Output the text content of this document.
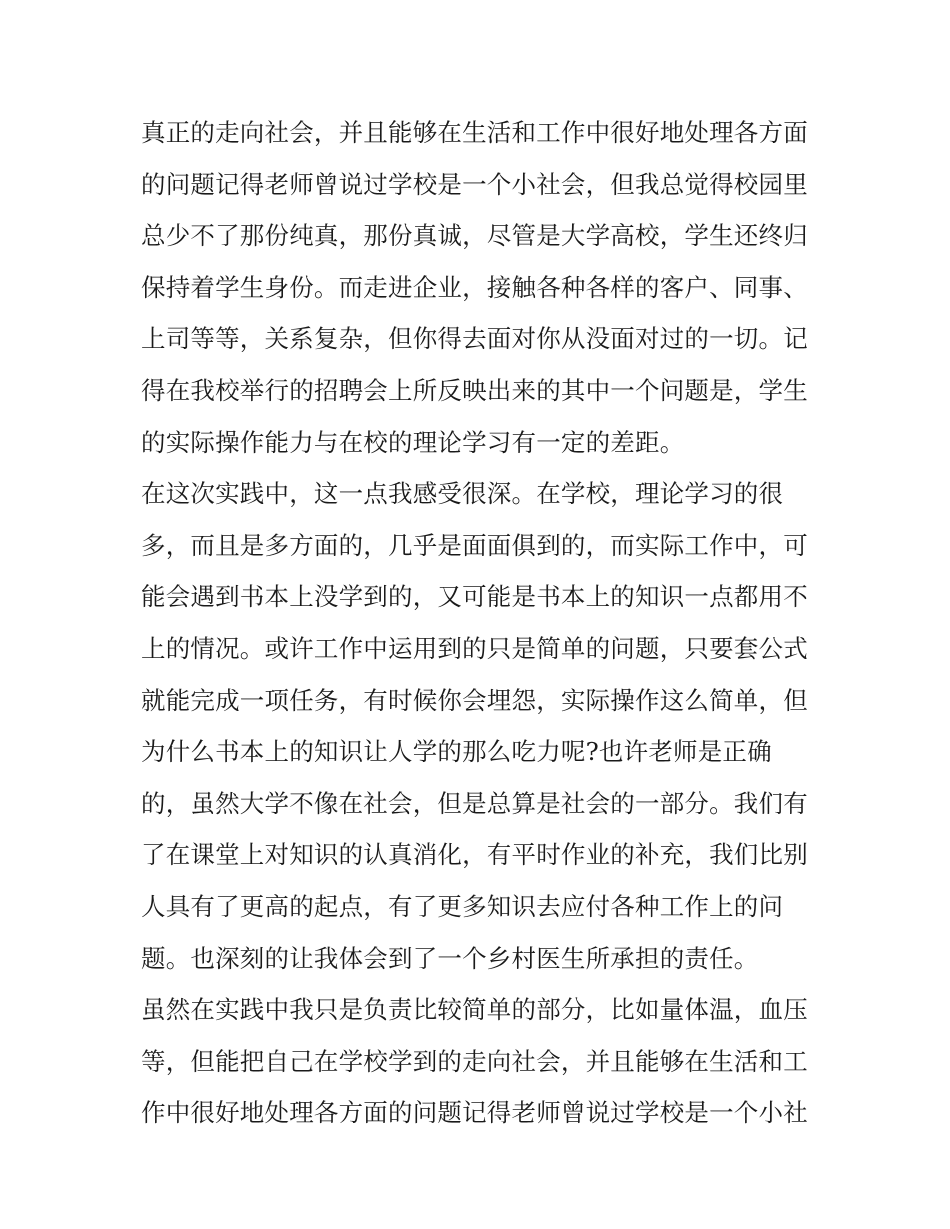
真正的走向社会，并且能够在生活和工作中很好地处理各方面
的问题记得老师曾说过学校是一个小社会，但我总觉得校园里
总少不了那份纯真，那份真诚，尽管是大学高校，学生还终归
保持着学生身份。而走进企业，接触各种各样的客户、同事、
上司等等，关系复杂，但你得去面对你从没面对过的一切。记
得在我校举行的招聘会上所反映出来的其中一个问题是，学生
的实际操作能力与在校的理论学习有一定的差距。
在这次实践中，这一点我感受很深。在学校，理论学习的很
多，而且是多方面的，几乎是面面俱到的，而实际工作中，可
能会遇到书本上没学到的，又可能是书本上的知识一点都用不
上的情况。或许工作中运用到的只是简单的问题，只要套公式
就能完成一项任务，有时候你会埋怨，实际操作这么简单，但
为什么书本上的知识让人学的那么吃力呢?也许老师是正确
的，虽然大学不像在社会，但是总算是社会的一部分。我们有
了在课堂上对知识的认真消化，有平时作业的补充，我们比别
人具有了更高的起点，有了更多知识去应付各种工作上的问
题。也深刻的让我体会到了一个乡村医生所承担的责任。
虽然在实践中我只是负责比较简单的部分，比如量体温，血压
等，但能把自己在学校学到的走向社会，并且能够在生活和工
作中很好地处理各方面的问题记得老师曾说过学校是一个小社
